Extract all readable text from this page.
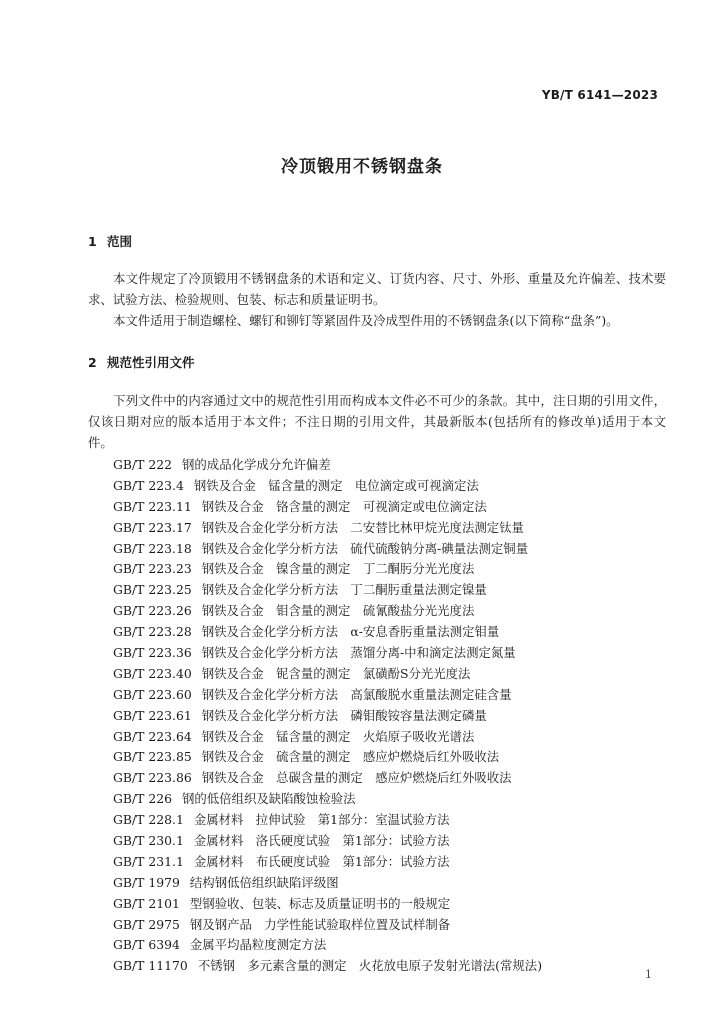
YB/T 6141—2023
冷顶锻用不锈钢盘条
1 范围
本文件规定了冷顶锻用不锈钢盘条的术语和定义、订货内容、尺寸、外形、重量及允许偏差、技术要求、试验方法、检验规则、包装、标志和质量证明书。
本文件适用于制造螺栓、螺钉和铆钉等紧固件及冷成型件用的不锈钢盘条(以下简称“盘条”)。
2 规范性引用文件
下列文件中的内容通过文中的规范性引用而构成本文件必不可少的条款。其中，注日期的引用文件，仅该日期对应的版本适用于本文件；不注日期的引用文件，其最新版本(包括所有的修改单)适用于本文件。
GB/T 222 钢的成品化学成分允许偏差
GB/T 223.4 钢铁及合金　锰含量的测定　电位滴定或可视滴定法
GB/T 223.11 钢铁及合金　铬含量的测定　可视滴定或电位滴定法
GB/T 223.17 钢铁及合金化学分析方法　二安替比林甲烷光度法测定钛量
GB/T 223.18 钢铁及合金化学分析方法　硫代硫酸钠分离-碘量法测定铜量
GB/T 223.23 钢铁及合金　镍含量的测定　丁二酮肟分光光度法
GB/T 223.25 钢铁及合金化学分析方法　丁二酮肟重量法测定镍量
GB/T 223.26 钢铁及合金　钼含量的测定　硫氰酸盐分光光度法
GB/T 223.28 钢铁及合金化学分析方法　α-安息香肟重量法测定钼量
GB/T 223.36 钢铁及合金化学分析方法　蒸馏分离-中和滴定法测定氮量
GB/T 223.40 钢铁及合金　铌含量的测定　氯磺酚S分光光度法
GB/T 223.60 钢铁及合金化学分析方法　高氯酸脱水重量法测定硅含量
GB/T 223.61 钢铁及合金化学分析方法　磷钼酸铵容量法测定磷量
GB/T 223.64 钢铁及合金　锰含量的测定　火焰原子吸收光谱法
GB/T 223.85 钢铁及合金　硫含量的测定　感应炉燃烧后红外吸收法
GB/T 223.86 钢铁及合金　总碳含量的测定　感应炉燃烧后红外吸收法
GB/T 226 钢的低倍组织及缺陷酸蚀检验法
GB/T 228.1 金属材料　拉伸试验　第1部分：室温试验方法
GB/T 230.1 金属材料　洛氏硬度试验　第1部分：试验方法
GB/T 231.1 金属材料　布氏硬度试验　第1部分：试验方法
GB/T 1979 结构钢低倍组织缺陷评级图
GB/T 2101 型钢验收、包装、标志及质量证明书的一般规定
GB/T 2975 钢及钢产品　力学性能试验取样位置及试样制备
GB/T 6394 金属平均晶粒度测定方法
GB/T 11170 不锈钢　多元素含量的测定　火花放电原子发射光谱法(常规法)
1
